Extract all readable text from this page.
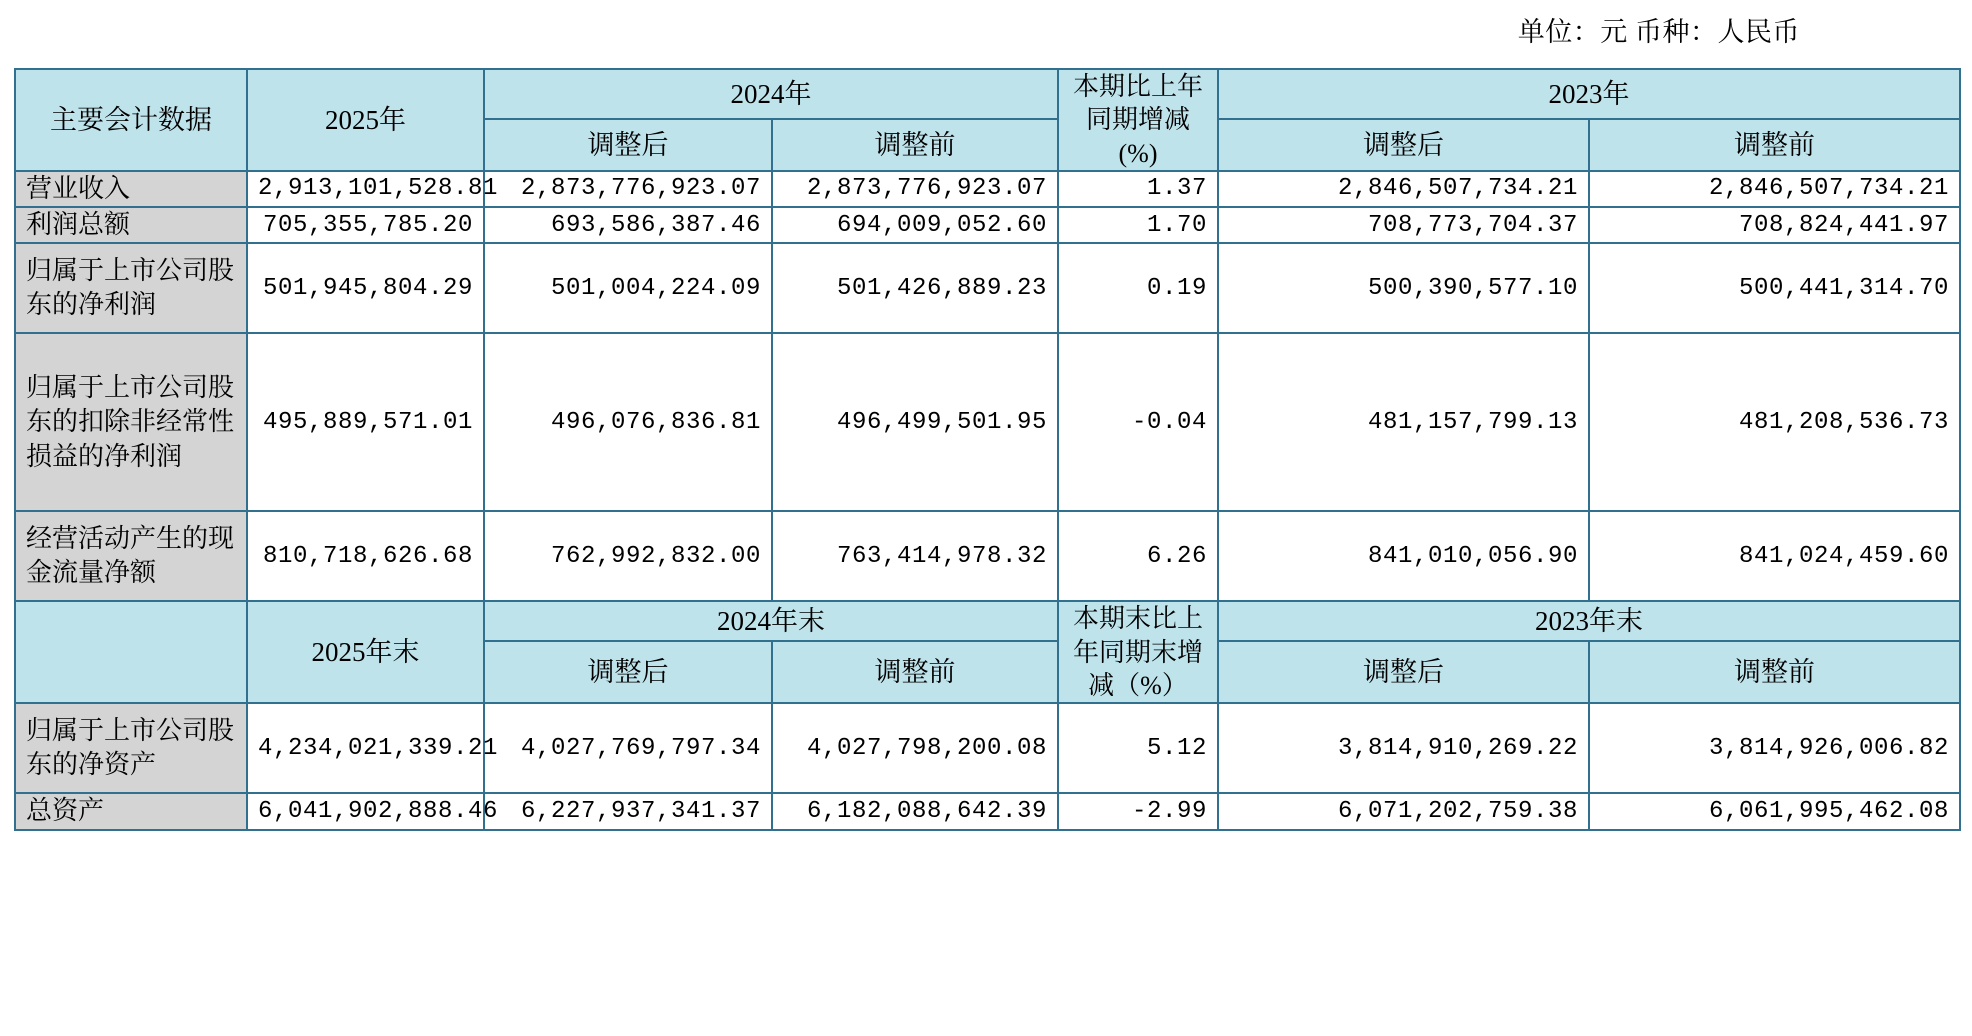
单位：元 币种：人民币
主要会计数据	2025年	2024年		本期比上年同期增减(%)	2023年	
		调整后	调整前		调整后	调整前
营业收入	2,913,101,528.81	2,873,776,923.07	2,873,776,923.07	1.37	2,846,507,734.21	2,846,507,734.21
利润总额	705,355,785.20	693,586,387.46	694,009,052.60	1.70	708,773,704.37	708,824,441.97
归属于上市公司股东的净利润	501,945,804.29	501,004,224.09	501,426,889.23	0.19	500,390,577.10	500,441,314.70
归属于上市公司股东的扣除非经常性损益的净利润	495,889,571.01	496,076,836.81	496,499,501.95	-0.04	481,157,799.13	481,208,536.73
经营活动产生的现金流量净额	810,718,626.68	762,992,832.00	763,414,978.32	6.26	841,010,056.90	841,024,459.60
	2025年末	2024年末		本期末比上年同期末增减（%）	2023年末	
		调整后	调整前		调整后	调整前
归属于上市公司股东的净资产	4,234,021,339.21	4,027,769,797.34	4,027,798,200.08	5.12	3,814,910,269.22	3,814,926,006.82
总资产	6,041,902,888.46	6,227,937,341.37	6,182,088,642.39	-2.99	6,071,202,759.38	6,061,995,462.08
